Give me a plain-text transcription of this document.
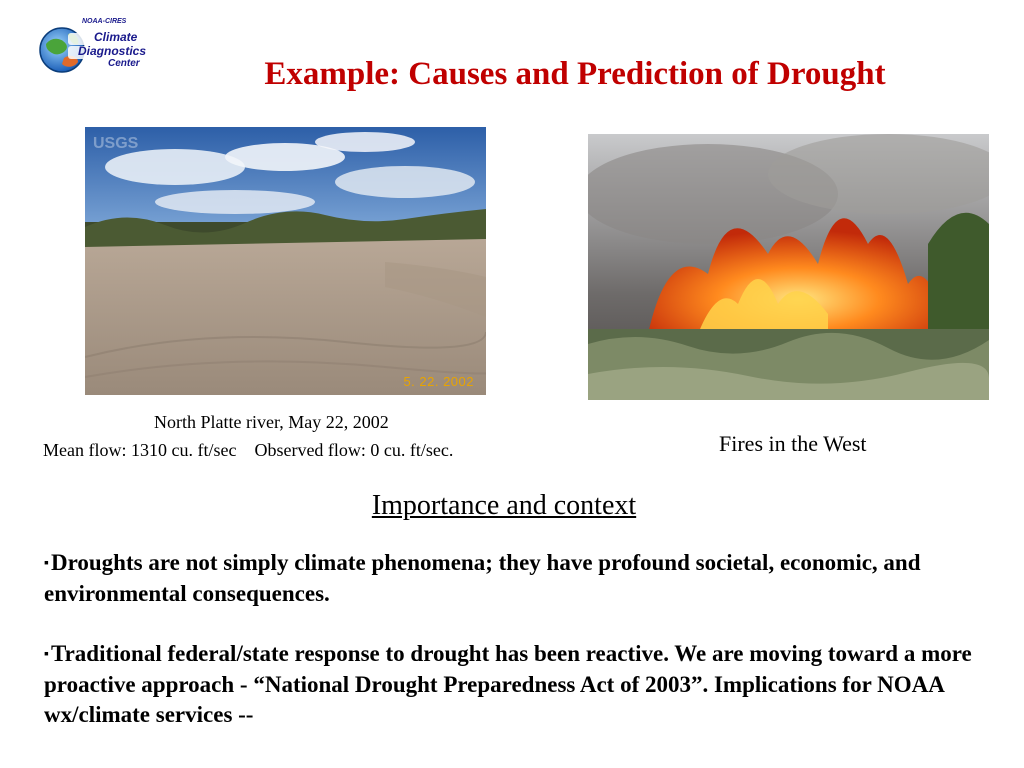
NOAA-CIRES
Climate
Diagnostics
Center	Example: Causes and Prediction of Drought
USGS
5. 22. 2002
North Platte river, May 22, 2002
Mean flow: 1310 cu. ft/sec Observed flow: 0 cu. ft/sec.	Fires in the West
Importance and context

▪Droughts are not simply climate phenomena; they have profound societal, economic, and environmental consequences.

▪Traditional federal/state response to drought has been reactive. We are moving toward a more proactive approach - “National Drought Preparedness Act of 2003”. Implications for NOAA wx/climate services --
